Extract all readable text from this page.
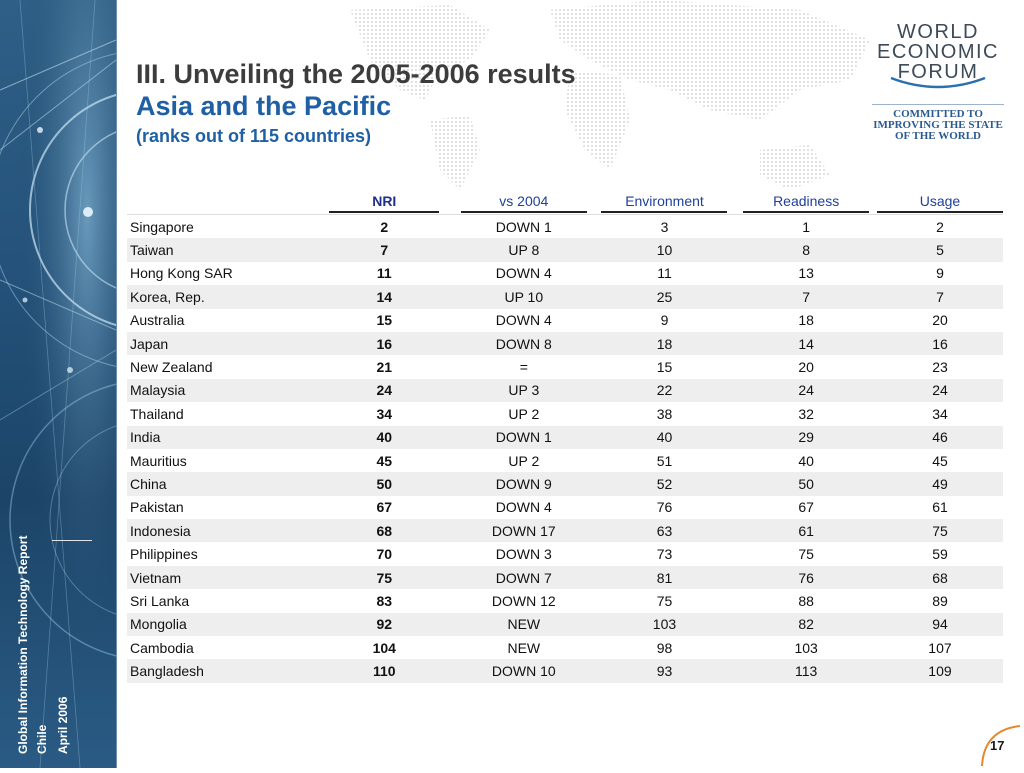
Global Information Technology Report Chile April 2006
III. Unveiling the 2005-2006 results
Asia and the Pacific
(ranks out of 115 countries)
WORLD
ECONOMIC
FORUM
COMMITTED TO
IMPROVING THE STATE
OF THE WORLD
	NRI	vs 2004	Environment	Readiness	Usage
Singapore	2	DOWN 1	3	1	2
Taiwan	7	UP 8	10	8	5
Hong Kong SAR	11	DOWN 4	11	13	9
Korea, Rep.	14	UP 10	25	7	7
Australia	15	DOWN 4	9	18	20
Japan	16	DOWN 8	18	14	16
New Zealand	21	=	15	20	23
Malaysia	24	UP 3	22	24	24
Thailand	34	UP 2	38	32	34
India	40	DOWN 1	40	29	46
Mauritius	45	UP 2	51	40	45
China	50	DOWN 9	52	50	49
Pakistan	67	DOWN 4	76	67	61
Indonesia	68	DOWN 17	63	61	75
Philippines	70	DOWN 3	73	75	59
Vietnam	75	DOWN 7	81	76	68
Sri Lanka	83	DOWN 12	75	88	89
Mongolia	92	NEW	103	82	94
Cambodia	104	NEW	98	103	107
Bangladesh	110	DOWN 10	93	113	109
17
